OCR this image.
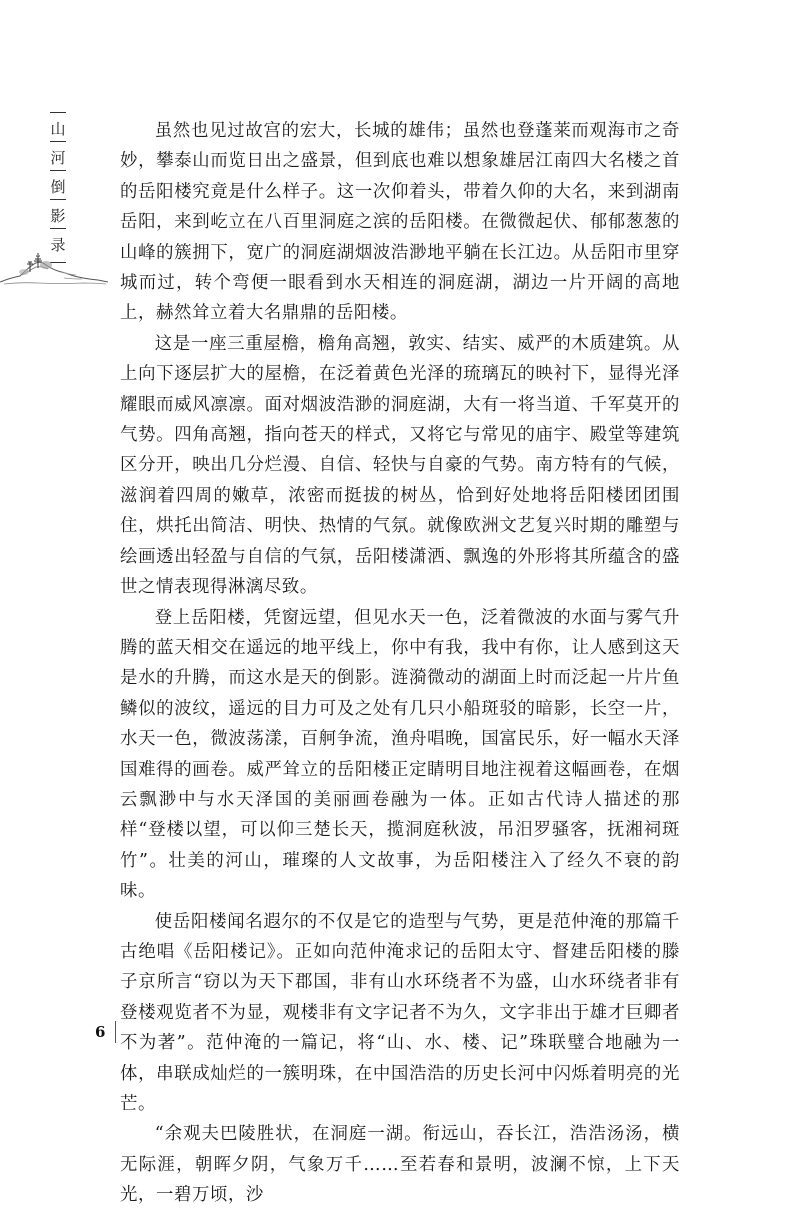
山
河
倒
影
录

虽然也见过故宫的宏大，长城的雄伟；虽然也登蓬莱而观海市之奇妙，攀泰山而览日出之盛景，但到底也难以想象雄居江南四大名楼之首的岳阳楼究竟是什么样子。这一次仰着头，带着久仰的大名，来到湖南岳阳，来到屹立在八百里洞庭之滨的岳阳楼。在微微起伏、郁郁葱葱的山峰的簇拥下，宽广的洞庭湖烟波浩渺地平躺在长江边。从岳阳市里穿城而过，转个弯便一眼看到水天相连的洞庭湖，湖边一片开阔的高地上，赫然耸立着大名鼎鼎的岳阳楼。

这是一座三重屋檐，檐角高翘，敦实、结实、威严的木质建筑。从上向下逐层扩大的屋檐，在泛着黄色光泽的琉璃瓦的映衬下，显得光泽耀眼而威风凛凛。面对烟波浩渺的洞庭湖，大有一将当道、千军莫开的气势。四角高翘，指向苍天的样式，又将它与常见的庙宇、殿堂等建筑区分开，映出几分烂漫、自信、轻快与自豪的气势。南方特有的气候，滋润着四周的嫩草，浓密而挺拔的树丛，恰到好处地将岳阳楼团团围住，烘托出简洁、明快、热情的气氛。就像欧洲文艺复兴时期的雕塑与绘画透出轻盈与自信的气氛，岳阳楼潇洒、飘逸的外形将其所蕴含的盛世之情表现得淋漓尽致。

登上岳阳楼，凭窗远望，但见水天一色，泛着微波的水面与雾气升腾的蓝天相交在遥远的地平线上，你中有我，我中有你，让人感到这天是水的升腾，而这水是天的倒影。涟漪微动的湖面上时而泛起一片片鱼鳞似的波纹，遥远的目力可及之处有几只小船斑驳的暗影，长空一片，水天一色，微波荡漾，百舸争流，渔舟唱晚，国富民乐，好一幅水天泽国难得的画卷。威严耸立的岳阳楼正定睛明目地注视着这幅画卷，在烟云飘渺中与水天泽国的美丽画卷融为一体。正如古代诗人描述的那样“登楼以望，可以仰三楚长天，揽洞庭秋波，吊汨罗骚客，抚湘祠斑竹”。壮美的河山，璀璨的人文故事，为岳阳楼注入了经久不衰的韵味。

使岳阳楼闻名遐尔的不仅是它的造型与气势，更是范仲淹的那篇千古绝唱《岳阳楼记》。正如向范仲淹求记的岳阳太守、督建岳阳楼的滕子京所言“窃以为天下郡国，非有山水环绕者不为盛，山水环绕者非有登楼观览者不为显，观楼非有文字记者不为久，文字非出于雄才巨卿者不为著”。范仲淹的一篇记，将“山、水、楼、记”珠联璧合地融为一体，串联成灿烂的一簇明珠，在中国浩浩的历史长河中闪烁着明亮的光芒。

“余观夫巴陵胜状，在洞庭一湖。衔远山，吞长江，浩浩汤汤，横无际涯，朝晖夕阴，气象万千……至若春和景明，波澜不惊，上下天光，一碧万顷，沙

6
